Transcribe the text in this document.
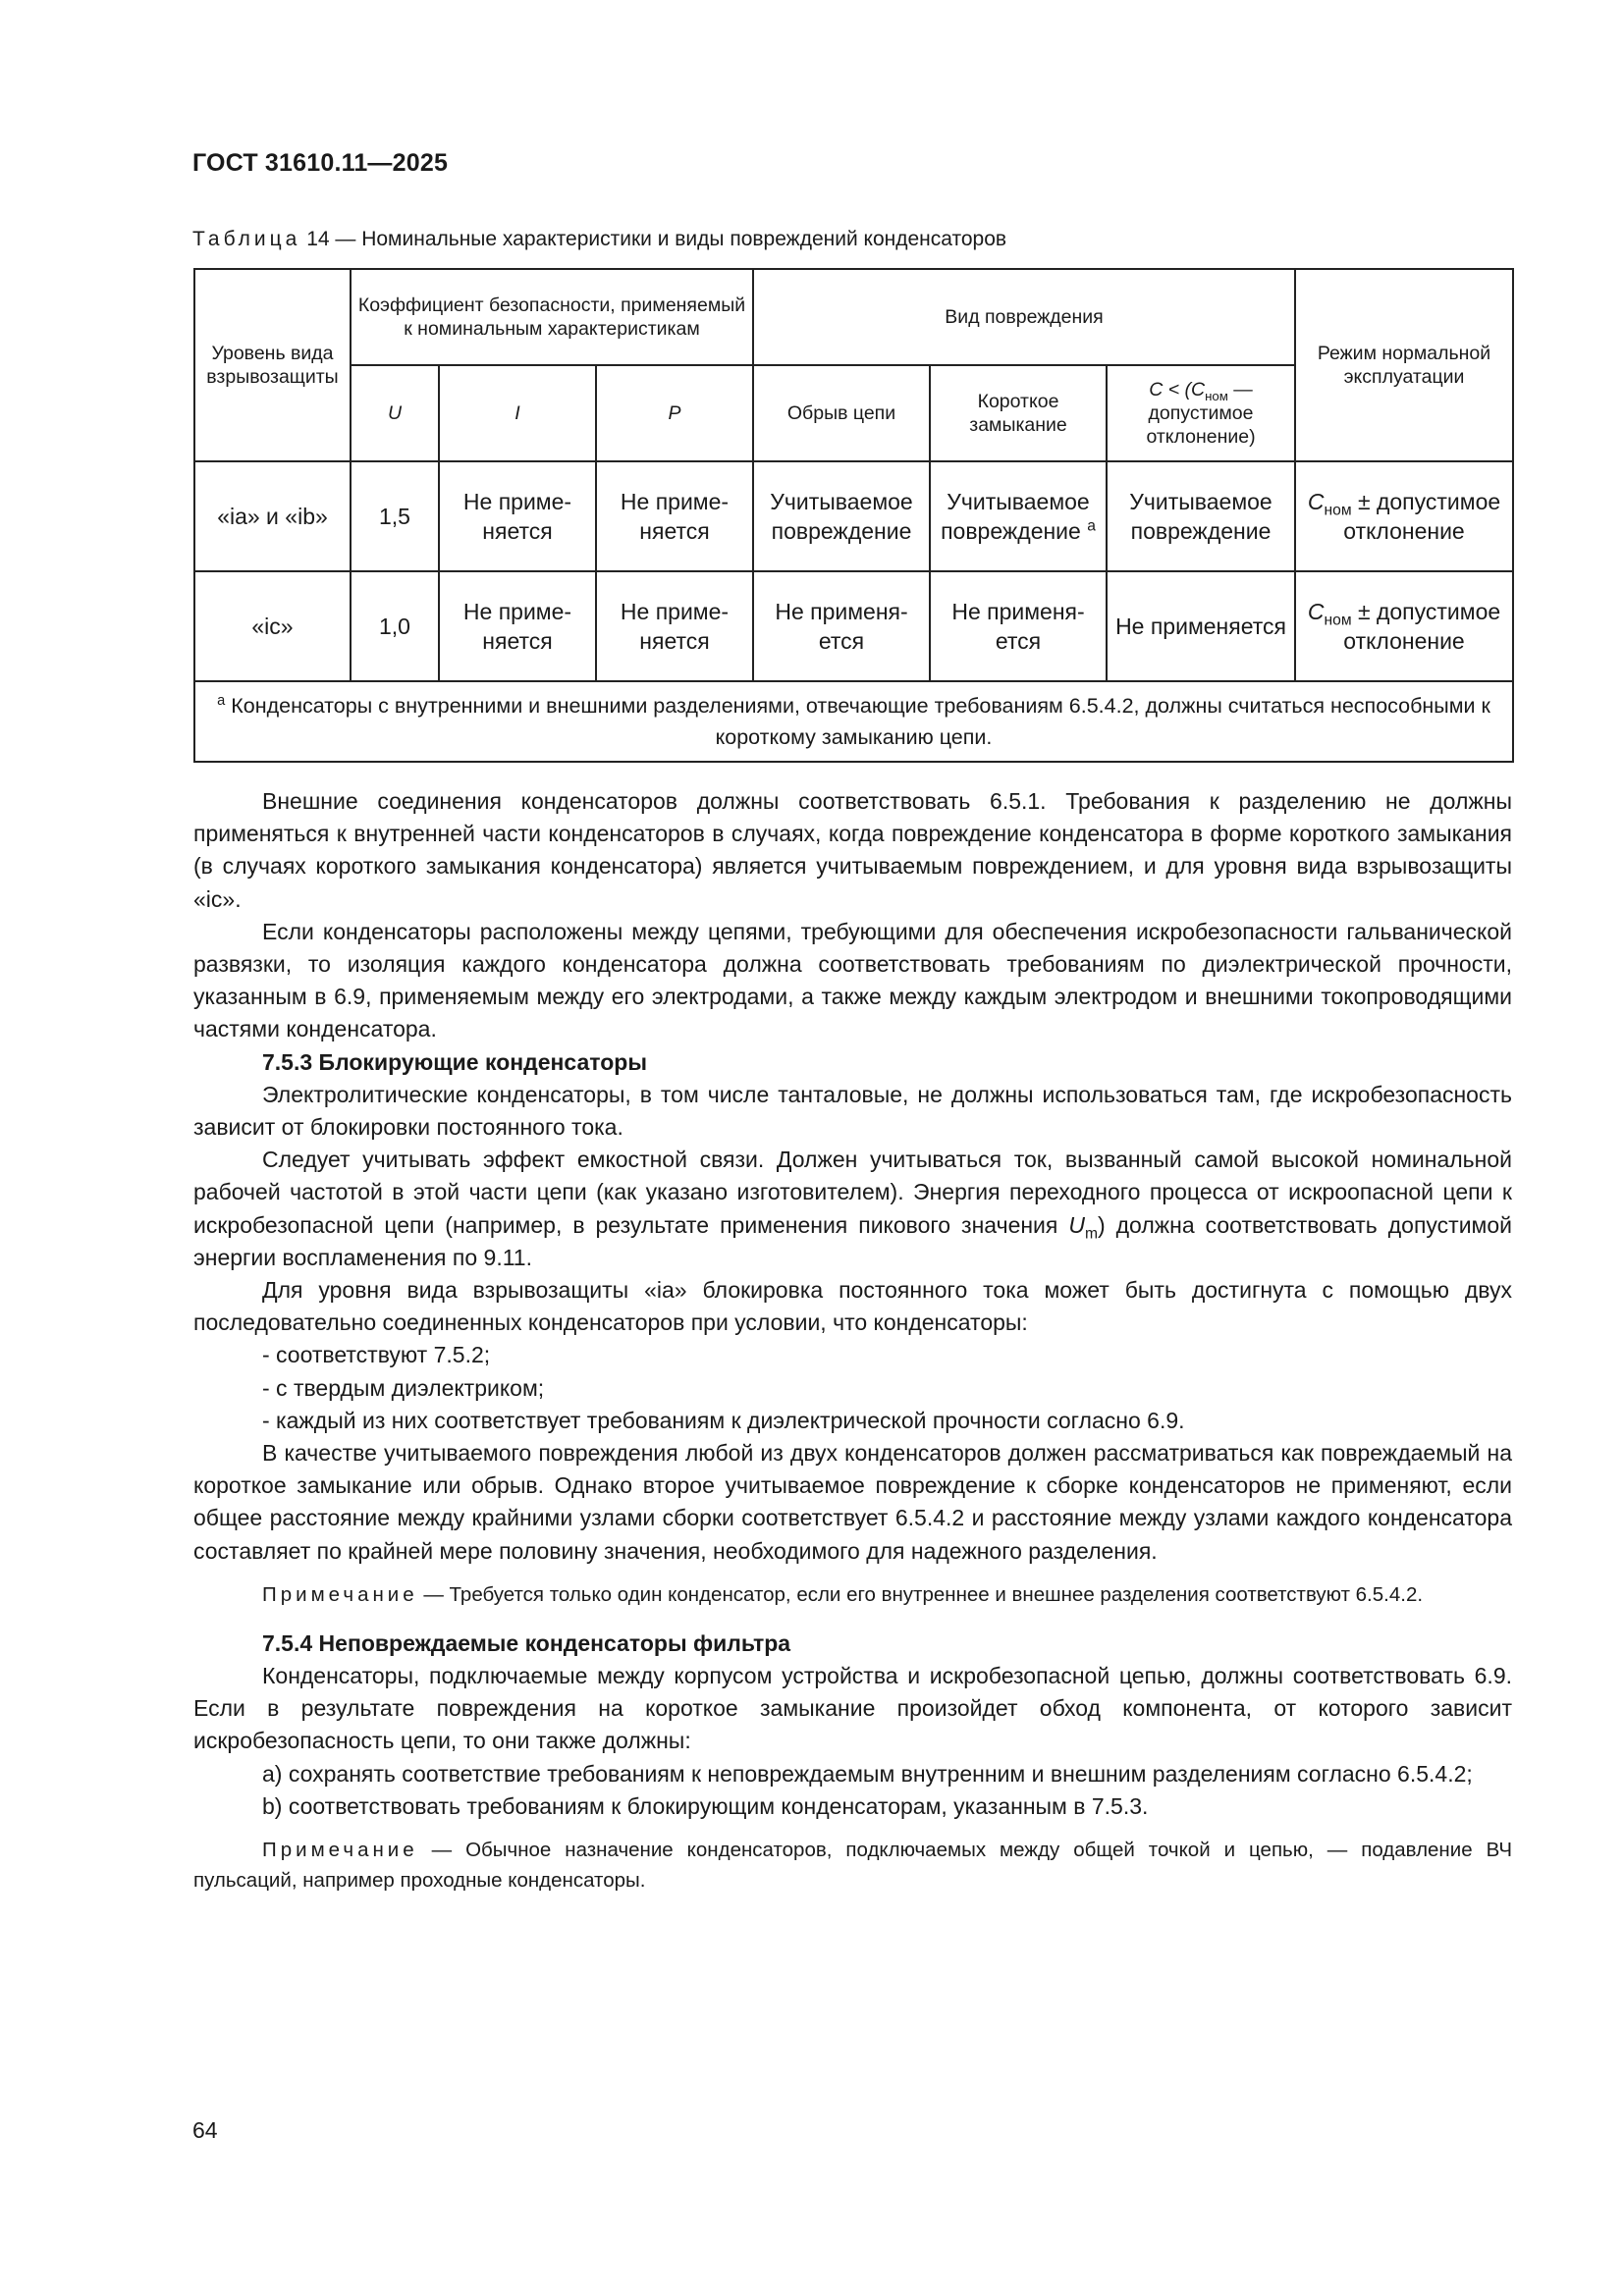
ГОСТ 31610.11—2025
Таблица 14 — Номинальные характеристики и виды повреждений конденсаторов
Уровень вида взрывозащиты	Коэффициент безопасности, применяемый к номинальным характеристикам			Вид повреждения			Режим нормальной эксплуатации
	U	I	P	Обрыв цепи	Короткое замыкание	$C < (C_{ном}$ — допустимое отклонение)	
«ia» и «ib»	1,5	Не применяется	Не применяется	Учитываемое повреждение	Учитываемое повреждение $^а$	Учитываемое повреждение	$C_{ном}$ ± допустимое отклонение
«ic»	1,0	Не применяется	Не применяется	Не применяется	Не применяется	Не применяется	$C_{ном}$ ± допустимое отклонение
$^а$ Конденсаторы с внутренними и внешними разделениями, отвечающие требованиям 6.5.4.2, должны считаться неспособными к короткому замыканию цепи.							

Внешние соединения конденсаторов должны соответствовать 6.5.1. Требования к разделению не должны применяться к внутренней части конденсаторов в случаях, когда повреждение конденсатора в форме короткого замыкания (в случаях короткого замыкания конденсатора) является учитываемым повреждением, и для уровня вида взрывозащиты «ic».

Если конденсаторы расположены между цепями, требующими для обеспечения искробезопасности гальванической развязки, то изоляция каждого конденсатора должна соответствовать требованиям по диэлектрической прочности, указанным в 6.9, применяемым между его электродами, а также между каждым электродом и внешними токопроводящими частями конденсатора.

7.5.3 Блокирующие конденсаторы

Электролитические конденсаторы, в том числе танталовые, не должны использоваться там, где искробезопасность зависит от блокировки постоянного тока.

Следует учитывать эффект емкостной связи. Должен учитываться ток, вызванный самой высокой номинальной рабочей частотой в этой части цепи (как указано изготовителем). Энергия переходного процесса от искроопасной цепи к искробезопасной цепи (например, в результате применения пикового значения $U_m$) должна соответствовать допустимой энергии воспламенения по 9.11.

Для уровня вида взрывозащиты «ia» блокировка постоянного тока может быть достигнута с помощью двух последовательно соединенных конденсаторов при условии, что конденсаторы:

- соответствуют 7.5.2;

- с твердым диэлектриком;

- каждый из них соответствует требованиям к диэлектрической прочности согласно 6.9.

В качестве учитываемого повреждения любой из двух конденсаторов должен рассматриваться как повреждаемый на короткое замыкание или обрыв. Однако второе учитываемое повреждение к сборке конденсаторов не применяют, если общее расстояние между крайними узлами сборки соответствует 6.5.4.2 и расстояние между узлами каждого конденсатора составляет по крайней мере половину значения, необходимого для надежного разделения.

Примечание — Требуется только один конденсатор, если его внутреннее и внешнее разделения соответствуют 6.5.4.2.

7.5.4 Неповреждаемые конденсаторы фильтра

Конденсаторы, подключаемые между корпусом устройства и искробезопасной цепью, должны соответствовать 6.9. Если в результате повреждения на короткое замыкание произойдет обход компонента, от которого зависит искробезопасность цепи, то они также должны:

a) сохранять соответствие требованиям к неповреждаемым внутренним и внешним разделениям согласно 6.5.4.2;

b) соответствовать требованиям к блокирующим конденсаторам, указанным в 7.5.3.

Примечание — Обычное назначение конденсаторов, подключаемых между общей точкой и цепью, — подавление ВЧ пульсаций, например проходные конденсаторы.

64
